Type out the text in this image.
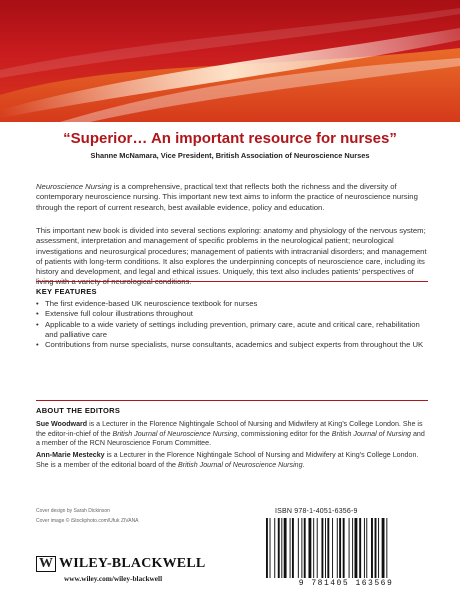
“Superior… An important resource for nurses”
Shanne McNamara, Vice President, British Association of Neuroscience Nurses

Neuroscience Nursing is a comprehensive, practical text that reflects both the richness and the diversity of contemporary neuroscience nursing. This important new text aims to inform the practice of neuroscience nursing through the report of current research, best available evidence, policy and education.

This important new book is divided into several sections exploring: anatomy and physiology of the nervous system; assessment, interpretation and management of specific problems in the neurological patient; neurological investigations and neurosurgical procedures; management of patients with intracranial disorders; and management of patients with long-term conditions. It also explores the underpinning concepts of neuroscience care, including its history and development, and legal and ethical issues. Uniquely, this text also includes patients’ perspectives of living with a variety of neurological conditions.

KEY FEATURES
• The first evidence-based UK neuroscience textbook for nurses
• Extensive full colour illustrations throughout
• Applicable to a wide variety of settings including prevention, primary care, acute and critical care, rehabilitation and palliative care
• Contributions from nurse specialists, nurse consultants, academics and subject experts from throughout the UK
ABOUT THE EDITORS

Sue Woodward is a Lecturer in the Florence Nightingale School of Nursing and Midwifery at King’s College London. She is the editor-in-chief of the British Journal of Neuroscience Nursing, commissioning editor for the British Journal of Nursing and a member of the RCN Neuroscience Forum Committee.

Ann-Marie Mestecky is a Lecturer in the Florence Nightingale School of Nursing and Midwifery at King’s College London. She is a member of the editorial board of the British Journal of Neuroscience Nursing.

Cover design by Sarah Dickinson
Cover image © iStockphoto.com/Ufuk ZIVANA
ISBN 978-1-4051-6356-9
9 781405 163569
W WILEY-BLACKWELL
www.wiley.com/wiley-blackwell
